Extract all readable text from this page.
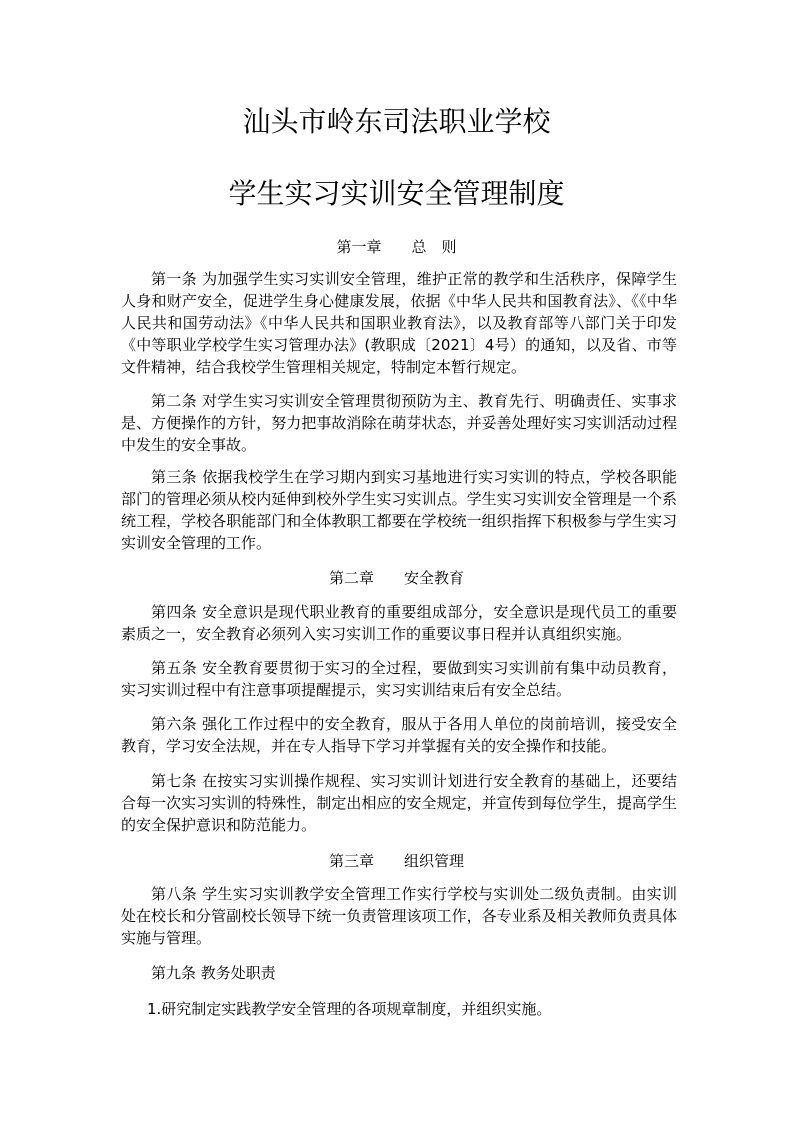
汕头市岭东司法职业学校
学生实习实训安全管理制度
第一章　　总　则
第一条 为加强学生实习实训安全管理，维护正常的教学和生活秩序，保障学生人身和财产安全，促进学生身心健康发展，依据《中华人民共和国教育法》、《《中华人民共和国劳动法》《中华人民共和国职业教育法》，以及教育部等八部门关于印发《中等职业学校学生实习管理办法》(教职成〔2021〕4号）的通知，以及省、市等文件精神，结合我校学生管理相关规定，特制定本暂行规定。
第二条 对学生实习实训安全管理贯彻预防为主、教育先行、明确责任、实事求是、方便操作的方针，努力把事故消除在萌芽状态，并妥善处理好实习实训活动过程中发生的安全事故。
第三条 依据我校学生在学习期内到实习基地进行实习实训的特点，学校各职能部门的管理必须从校内延伸到校外学生实习实训点。学生实习实训安全管理是一个系统工程，学校各职能部门和全体教职工都要在学校统一组织指挥下积极参与学生实习实训安全管理的工作。
第二章　　安全教育
第四条 安全意识是现代职业教育的重要组成部分，安全意识是现代员工的重要素质之一，安全教育必须列入实习实训工作的重要议事日程并认真组织实施。
第五条 安全教育要贯彻于实习的全过程，要做到实习实训前有集中动员教育，实习实训过程中有注意事项提醒提示，实习实训结束后有安全总结。
第六条 强化工作过程中的安全教育，服从于各用人单位的岗前培训，接受安全教育，学习安全法规，并在专人指导下学习并掌握有关的安全操作和技能。
第七条 在按实习实训操作规程、实习实训计划进行安全教育的基础上，还要结合每一次实习实训的特殊性，制定出相应的安全规定，并宣传到每位学生，提高学生的安全保护意识和防范能力。
第三章　　组织管理
第八条 学生实习实训教学安全管理工作实行学校与实训处二级负责制。由实训处在校长和分管副校长领导下统一负责管理该项工作，各专业系及相关教师负责具体实施与管理。
第九条 教务处职责
1.研究制定实践教学安全管理的各项规章制度，并组织实施。
